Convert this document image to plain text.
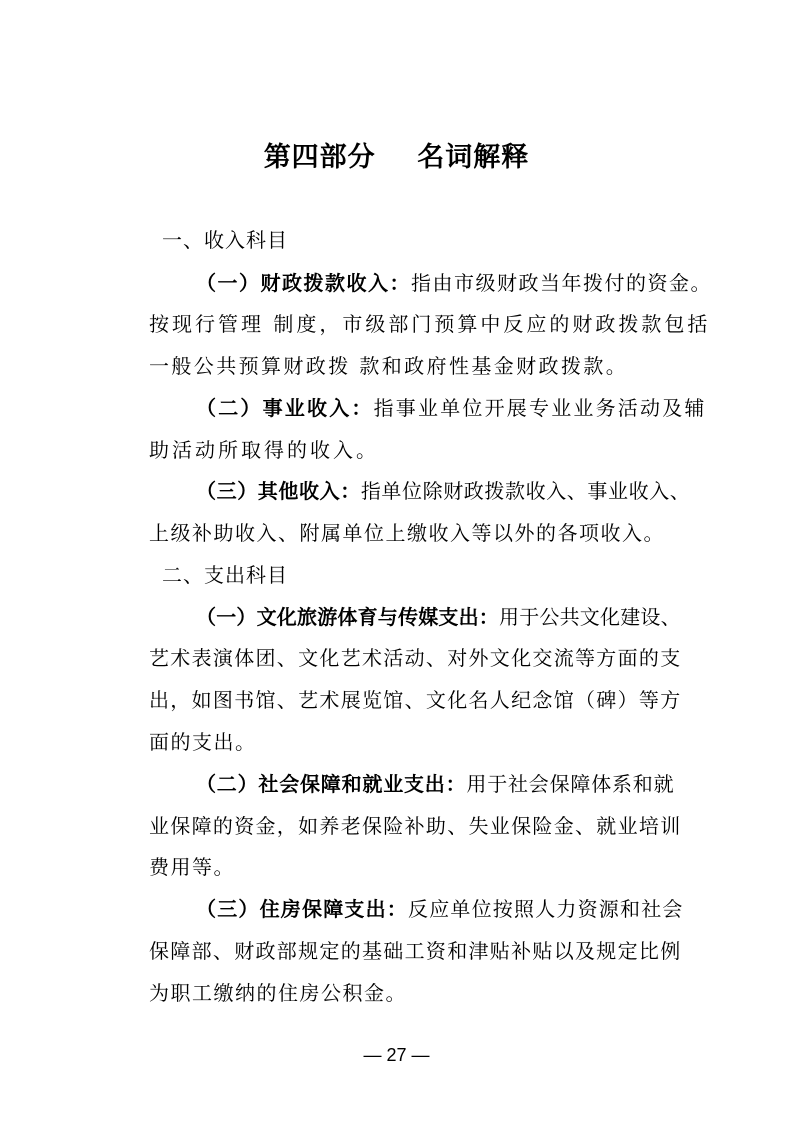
第四部分    名词解释
一、收入科目
（一）财政拨款收入：指由市级财政当年拨付的资金。
按现行管理 制度，市级部门预算中反应的财政拨款包括
一般公共预算财政拨 款和政府性基金财政拨款。
（二）事业收入：指事业单位开展专业业务活动及辅
助活动所取得的收入。
（三）其他收入：指单位除财政拨款收入、事业收入、
上级补助收入、附属单位上缴收入等以外的各项收入。
二、支出科目
（一）文化旅游体育与传媒支出：用于公共文化建设、
艺术表演体团、文化艺术活动、对外文化交流等方面的支
出，如图书馆、艺术展览馆、文化名人纪念馆（碑）等方
面的支出。
（二）社会保障和就业支出：用于社会保障体系和就
业保障的资金，如养老保险补助、失业保险金、就业培训
费用等。
（三）住房保障支出：反应单位按照人力资源和社会
保障部、财政部规定的基础工资和津贴补贴以及规定比例
为职工缴纳的住房公积金。
— 27 —
